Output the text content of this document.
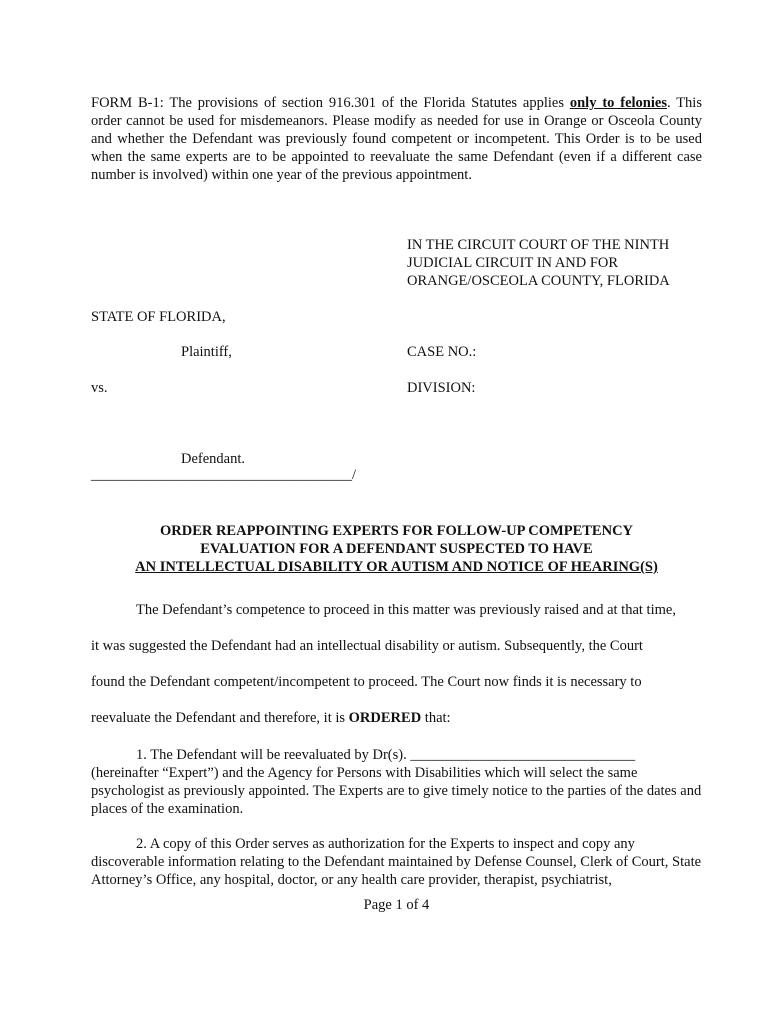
FORM B-1: The provisions of section 916.301 of the Florida Statutes applies only to felonies. This order cannot be used for misdemeanors. Please modify as needed for use in Orange or Osceola County and whether the Defendant was previously found competent or incompetent. This Order is to be used when the same experts are to be appointed to reevaluate the same Defendant (even if a different case number is involved) within one year of the previous appointment.
IN THE CIRCUIT COURT OF THE NINTH
JUDICIAL CIRCUIT IN AND FOR
ORANGE/OSCEOLA COUNTY, FLORIDA
STATE OF FLORIDA,
Plaintiff,	CASE NO.:
vs.	DIVISION:
Defendant.
____________________________________/
ORDER REAPPOINTING EXPERTS FOR FOLLOW-UP COMPETENCY
EVALUATION FOR A DEFENDANT SUSPECTED TO HAVE
AN INTELLECTUAL DISABILITY OR AUTISM AND NOTICE OF HEARING(S)
The Defendant’s competence to proceed in this matter was previously raised and at that time,
it was suggested the Defendant had an intellectual disability or autism. Subsequently, the Court
found the Defendant competent/incompetent to proceed. The Court now finds it is necessary to
reevaluate the Defendant and therefore, it is ORDERED that:
1. The Defendant will be reevaluated by Dr(s). _______________________________
(hereinafter “Expert”) and the Agency for Persons with Disabilities which will select the same psychologist as previously appointed. The Experts are to give timely notice to the parties of the dates and places of the examination.
2. A copy of this Order serves as authorization for the Experts to inspect and copy any
discoverable information relating to the Defendant maintained by Defense Counsel, Clerk of Court, State Attorney’s Office, any hospital, doctor, or any health care provider, therapist, psychiatrist,
Page 1 of 4
